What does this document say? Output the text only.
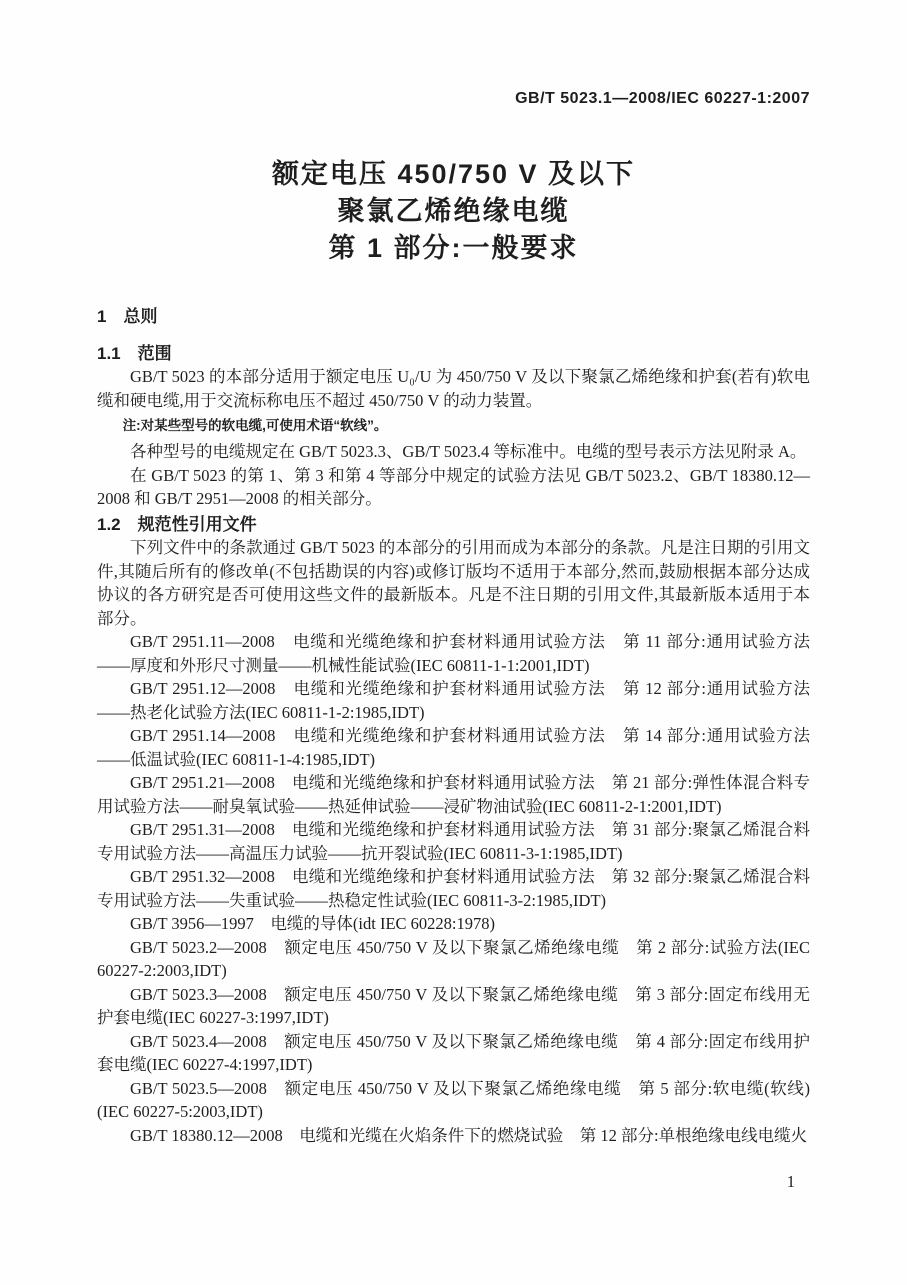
GB/T 5023.1—2008/IEC 60227-1:2007
额定电压 450/750 V 及以下
聚氯乙烯绝缘电缆
第 1 部分:一般要求
1　总则
1.1　范围

GB/T 5023 的本部分适用于额定电压 U₀/U 为 450/750 V 及以下聚氯乙烯绝缘和护套(若有)软电缆和硬电缆,用于交流标称电压不超过 450/750 V 的动力装置。

注:对某些型号的软电缆,可使用术语“软线”。

各种型号的电缆规定在 GB/T 5023.3、GB/T 5023.4 等标准中。电缆的型号表示方法见附录 A。

在 GB/T 5023 的第 1、第 3 和第 4 等部分中规定的试验方法见 GB/T 5023.2、GB/T 18380.12—2008 和 GB/T 2951—2008 的相关部分。

1.2　规范性引用文件

下列文件中的条款通过 GB/T 5023 的本部分的引用而成为本部分的条款。凡是注日期的引用文件,其随后所有的修改单(不包括勘误的内容)或修订版均不适用于本部分,然而,鼓励根据本部分达成协议的各方研究是否可使用这些文件的最新版本。凡是不注日期的引用文件,其最新版本适用于本部分。

GB/T 2951.11—2008　电缆和光缆绝缘和护套材料通用试验方法　第 11 部分:通用试验方法——厚度和外形尺寸测量——机械性能试验(IEC 60811-1-1:2001,IDT)

GB/T 2951.12—2008　电缆和光缆绝缘和护套材料通用试验方法　第 12 部分:通用试验方法——热老化试验方法(IEC 60811-1-2:1985,IDT)

GB/T 2951.14—2008　电缆和光缆绝缘和护套材料通用试验方法　第 14 部分:通用试验方法——低温试验(IEC 60811-1-4:1985,IDT)

GB/T 2951.21—2008　电缆和光缆绝缘和护套材料通用试验方法　第 21 部分:弹性体混合料专用试验方法——耐臭氧试验——热延伸试验——浸矿物油试验(IEC 60811-2-1:2001,IDT)

GB/T 2951.31—2008　电缆和光缆绝缘和护套材料通用试验方法　第 31 部分:聚氯乙烯混合料专用试验方法——高温压力试验——抗开裂试验(IEC 60811-3-1:1985,IDT)

GB/T 2951.32—2008　电缆和光缆绝缘和护套材料通用试验方法　第 32 部分:聚氯乙烯混合料专用试验方法——失重试验——热稳定性试验(IEC 60811-3-2:1985,IDT)

GB/T 3956—1997　电缆的导体(idt IEC 60228:1978)

GB/T 5023.2—2008　额定电压 450/750 V 及以下聚氯乙烯绝缘电缆　第 2 部分:试验方法(IEC 60227-2:2003,IDT)

GB/T 5023.3—2008　额定电压 450/750 V 及以下聚氯乙烯绝缘电缆　第 3 部分:固定布线用无护套电缆(IEC 60227-3:1997,IDT)

GB/T 5023.4—2008　额定电压 450/750 V 及以下聚氯乙烯绝缘电缆　第 4 部分:固定布线用护套电缆(IEC 60227-4:1997,IDT)

GB/T 5023.5—2008　额定电压 450/750 V 及以下聚氯乙烯绝缘电缆　第 5 部分:软电缆(软线)(IEC 60227-5:2003,IDT)

GB/T 18380.12—2008　电缆和光缆在火焰条件下的燃烧试验　第 12 部分:单根绝缘电线电缆火

1
